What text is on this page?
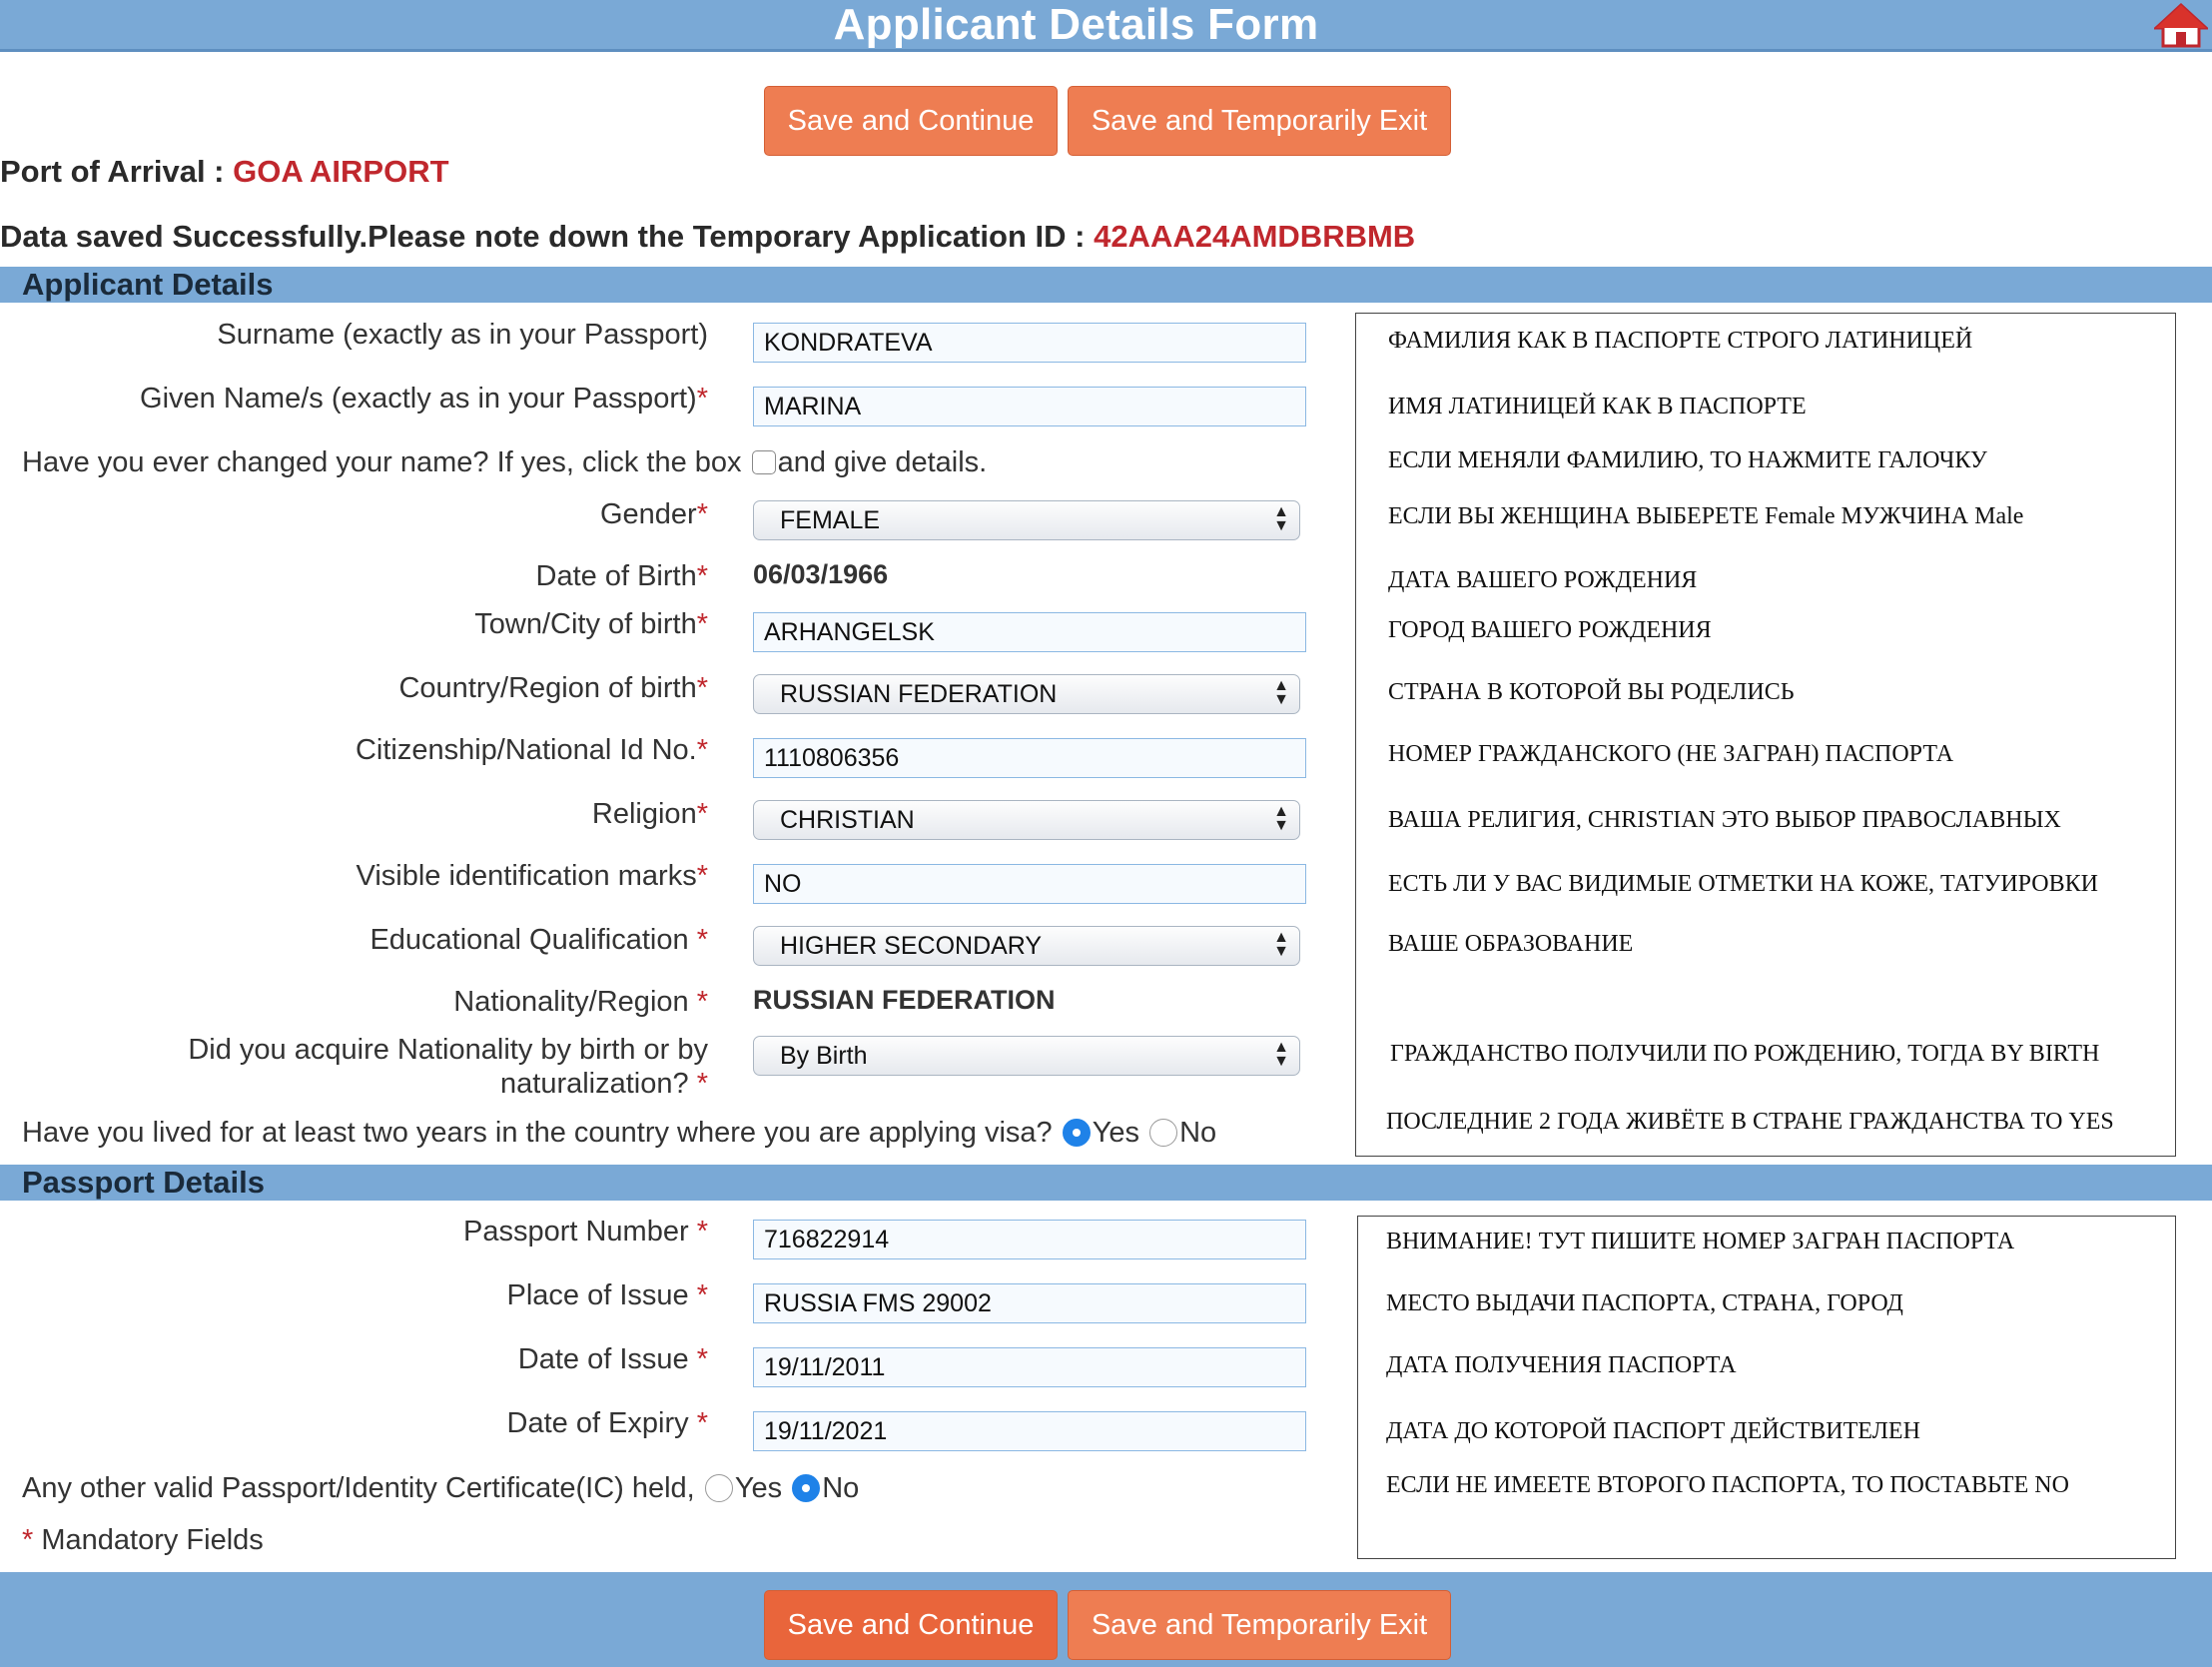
Applicant Details Form
Save and Continue	Save and Temporarily Exit
Port of Arrival : GOA AIRPORT
Data saved Successfully.Please note down the Temporary Application ID : 42AAA24AMDBRBMB
Applicant Details
Surname (exactly as in your Passport)	KONDRATEVA
Given Name/s (exactly as in your Passport)*	MARINA
Have you ever changed your name? If yes, click the box and give details.
Gender*	FEMALE	▲
▼
Date of Birth* 06/03/1966
Town/City of birth*	ARHANGELSK
Country/Region of birth*	RUSSIAN FEDERATION	▲
▼
Citizenship/National Id No.*	1110806356
Religion*	CHRISTIAN	▲
▼
Visible identification marks*	NO
Educational Qualification *	HIGHER SECONDARY	▲
▼
Nationality/Region * RUSSIAN FEDERATION
Did you acquire Nationality by birth or by
naturalization? *
By Birth	▲
▼
Have you lived for at least two years in the country where you are applying visa? Yes No
ФАМИЛИЯ КАК В ПАСПОРТЕ СТРОГО ЛАТИНИЦЕЙ
ИМЯ ЛАТИНИЦЕЙ КАК В ПАСПОРТЕ
ЕСЛИ МЕНЯЛИ ФАМИЛИЮ, ТО НАЖМИТЕ ГАЛОЧКУ
ЕСЛИ ВЫ ЖЕНЩИНА ВЫБЕРЕТЕ Female МУЖЧИНА Male
ДАТА ВАШЕГО РОЖДЕНИЯ
ГОРОД ВАШЕГО РОЖДЕНИЯ
СТРАНА В КОТОРОЙ ВЫ РОДЕЛИСЬ
НОМЕР ГРАЖДАНСКОГО (НЕ ЗАГРАН) ПАСПОРТА
ВАША РЕЛИГИЯ, CHRISTIAN ЭТО ВЫБОР ПРАВОСЛАВНЫХ
ЕСТЬ ЛИ У ВАС ВИДИМЫЕ ОТМЕТКИ НА КОЖЕ, ТАТУИРОВКИ
ВАШЕ ОБРАЗОВАНИЕ
ГРАЖДАНСТВО ПОЛУЧИЛИ ПО РОЖДЕНИЮ, ТОГДА BY BIRTH
ПОСЛЕДНИЕ 2 ГОДА ЖИВЁТЕ В СТРАНЕ ГРАЖДАНСТВА ТО YES
Passport Details
Passport Number *	716822914
Place of Issue *	RUSSIA FMS 29002
Date of Issue *	19/11/2011
Date of Expiry *	19/11/2021
Any other valid Passport/Identity Certificate(IC) held, Yes No
* Mandatory Fields
ВНИМАНИЕ! ТУТ ПИШИТЕ НОМЕР ЗАГРАН ПАСПОРТА
МЕСТО ВЫДАЧИ ПАСПОРТА, СТРАНА, ГОРОД
ДАТА ПОЛУЧЕНИЯ ПАСПОРТА
ДАТА ДО КОТОРОЙ ПАСПОРТ ДЕЙСТВИТЕЛЕН
ЕСЛИ НЕ ИМЕЕТЕ ВТОРОГО ПАСПОРТА, ТО ПОСТАВЬТЕ NO
Save and Continue	Save and Temporarily Exit
